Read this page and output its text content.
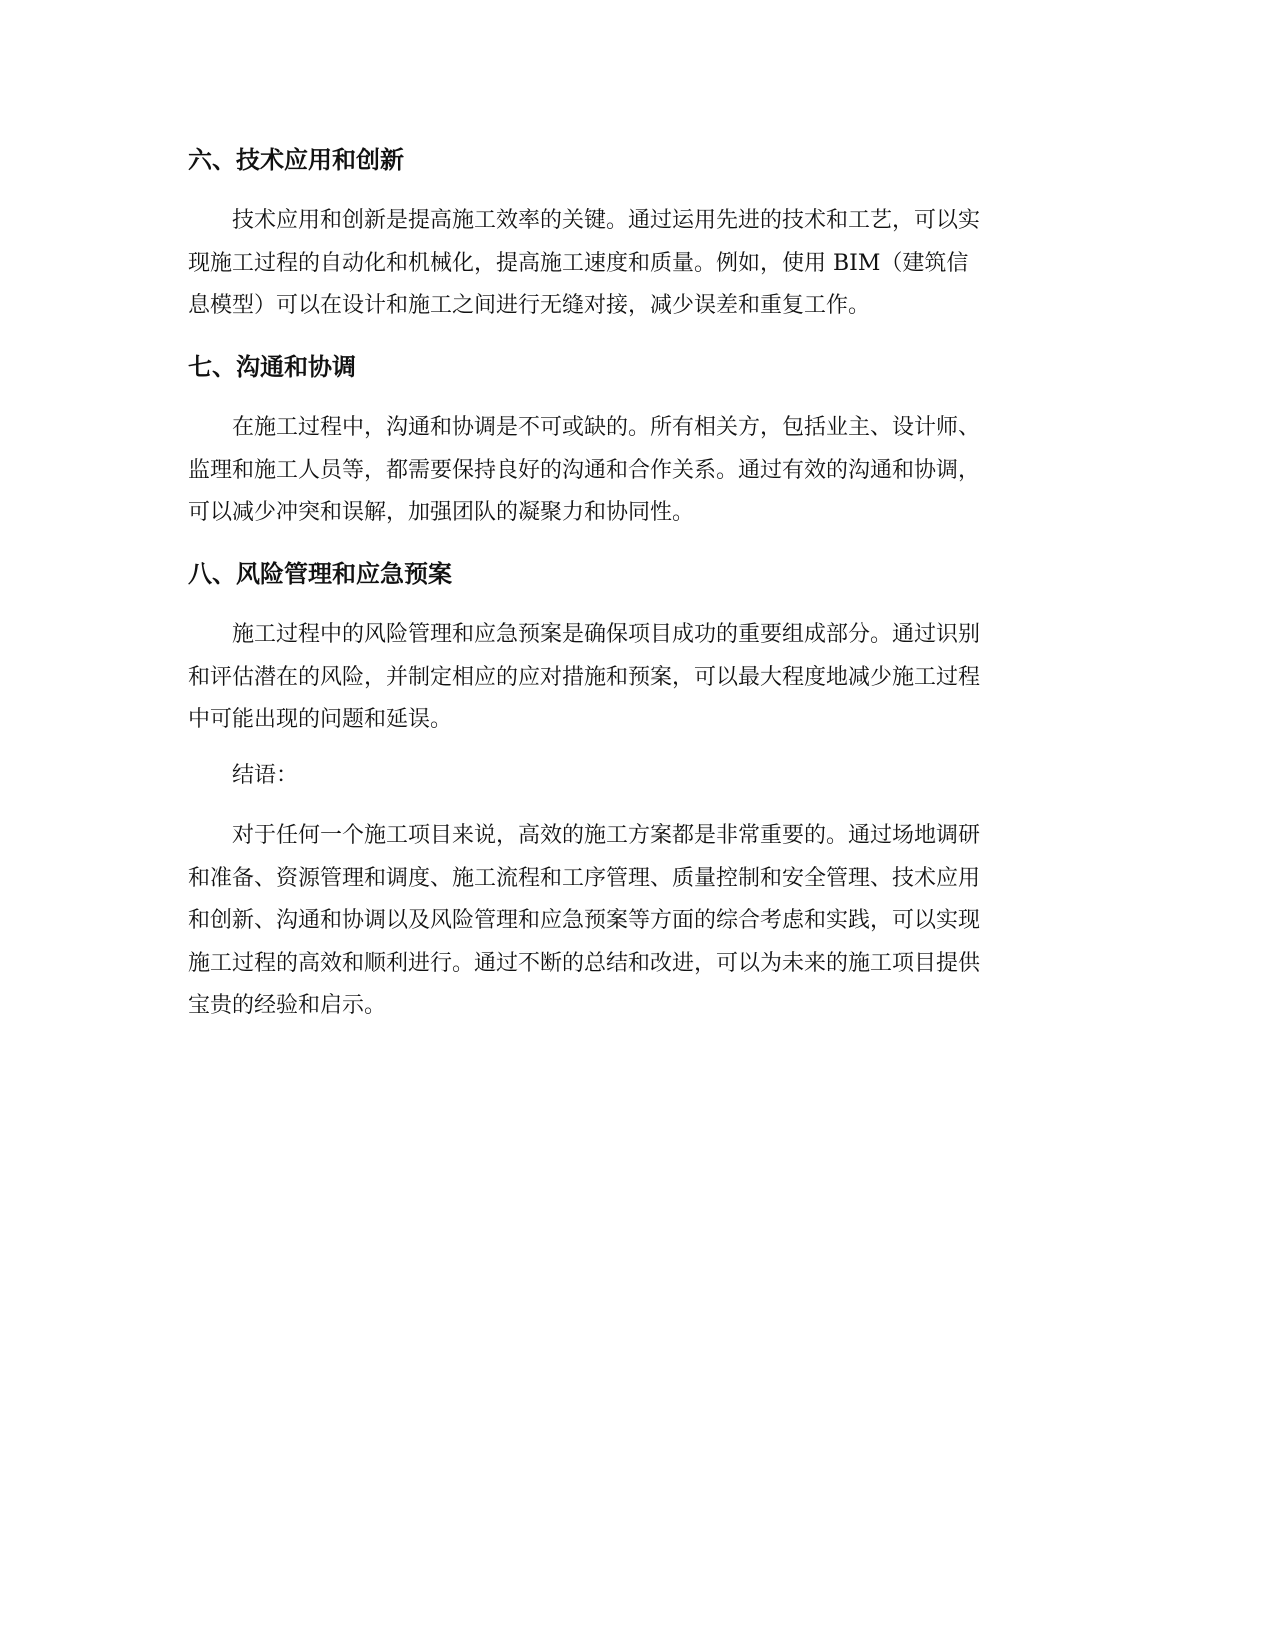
六、技术应用和创新
技术应用和创新是提高施工效率的关键。通过运用先进的技术和工艺，可以实
现施工过程的自动化和机械化，提高施工速度和质量。例如，使用 BIM（建筑信
息模型）可以在设计和施工之间进行无缝对接，减少误差和重复工作。
七、沟通和协调
在施工过程中，沟通和协调是不可或缺的。所有相关方，包括业主、设计师、
监理和施工人员等，都需要保持良好的沟通和合作关系。通过有效的沟通和协调，
可以减少冲突和误解，加强团队的凝聚力和协同性。
八、风险管理和应急预案
施工过程中的风险管理和应急预案是确保项目成功的重要组成部分。通过识别
和评估潜在的风险，并制定相应的应对措施和预案，可以最大程度地减少施工过程
中可能出现的问题和延误。
结语：
对于任何一个施工项目来说，高效的施工方案都是非常重要的。通过场地调研
和准备、资源管理和调度、施工流程和工序管理、质量控制和安全管理、技术应用
和创新、沟通和协调以及风险管理和应急预案等方面的综合考虑和实践，可以实现
施工过程的高效和顺利进行。通过不断的总结和改进，可以为未来的施工项目提供
宝贵的经验和启示。
